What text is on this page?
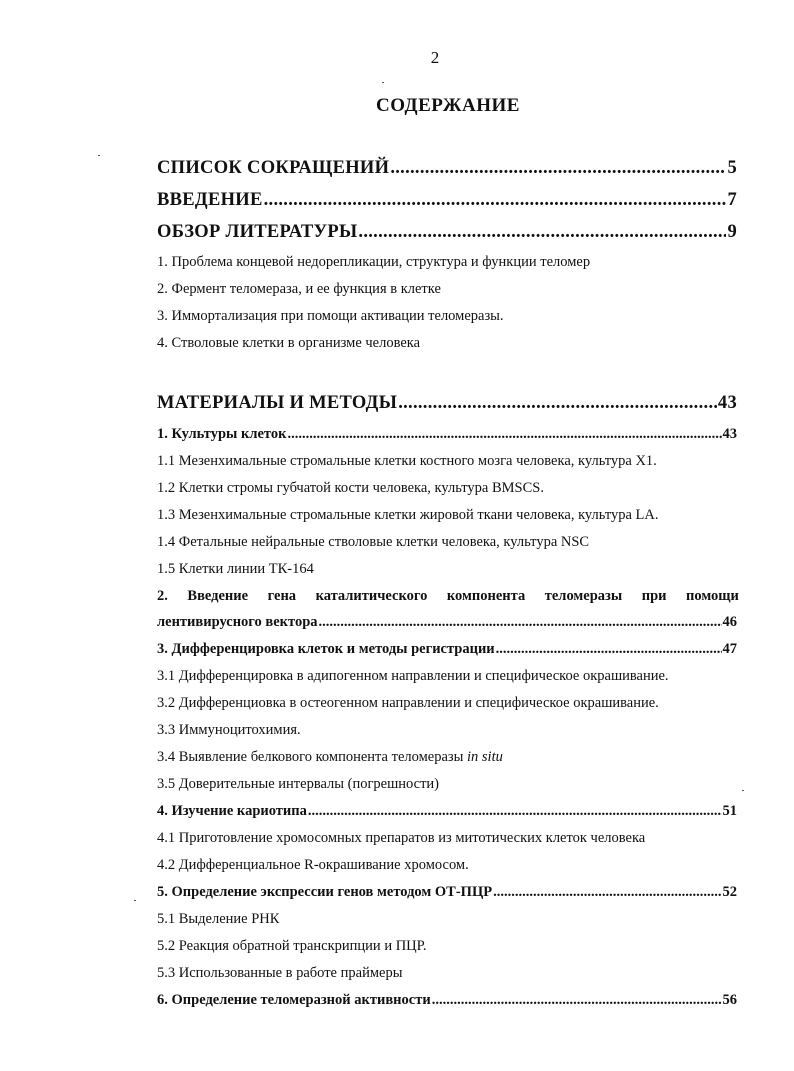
2
СОДЕРЖАНИЕ
СПИСОК СОКРАЩЕНИЙ .....	5
ВВЕДЕНИЕ .....	7
ОБЗОР ЛИТЕРАТУРЫ .....	9
1. Проблема концевой недорепликации, структура и функции теломер
2. Фермент теломераза, и ее функция в клетке
3. Иммортализация при помощи активации теломеразы.
4. Стволовые клетки в организме человека
МАТЕРИАЛЫ И МЕТОДЫ .....	43
1. Культуры клеток .....	43
1.1 Мезенхимальные стромальные клетки костного мозга человека, культура X1.
1.2 Клетки стромы губчатой кости человека, культура BMSCS.
1.3 Мезенхимальные стромальные клетки жировой ткани человека, культура LA.
1.4 Фетальные нейральные стволовые клетки человека, культура NSC
1.5 Клетки линии ТК-164
2. Введение гена каталитического компонента теломеразы при помощи
лентивирусного вектора .....	46
3. Дифференцировка клеток и методы регистрации .....	47
3.1 Дифференцировка в адипогенном направлении и специфическое окрашивание.
3.2 Дифференциовка в остеогенном направлении и специфическое окрашивание.
3.3 Иммуноцитохимия.
3.4 Выявление белкового компонента теломеразы in situ
3.5 Доверительные интервалы (погрешности)
4. Изучение кариотипа .....	51
4.1 Приготовление хромосомных препаратов из митотических клеток человека
4.2 Дифференциальное R-окрашивание хромосом.
5. Определение экспрессии генов методом ОТ-ПЦР .....	52
5.1 Выделение РНК
5.2 Реакция обратной транскрипции и ПЦР.
5.3 Использованные в работе праймеры
6. Определение теломеразной активности .....	56
